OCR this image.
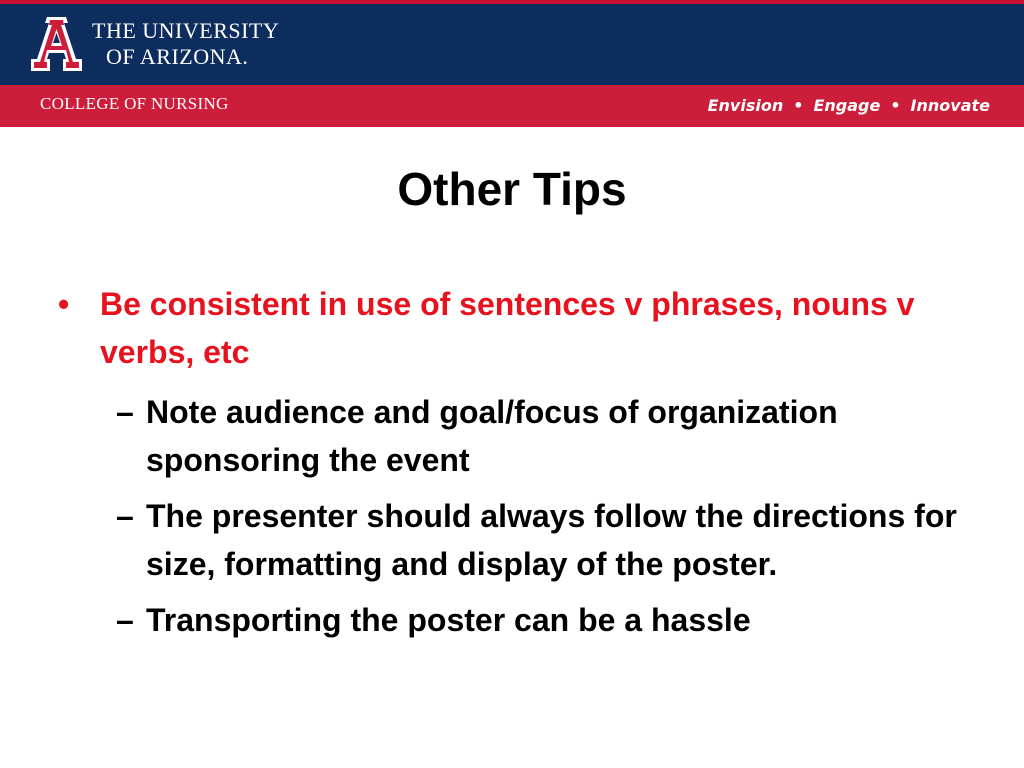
THE UNIVERSITY
OF ARIZONA.
COLLEGE OF NURSING	Envision • Engage • Innovate
Other Tips
• Be consistent in use of sentences v phrases, nouns v verbs, etc
– Note audience and goal/focus of organization sponsoring the event
– The presenter should always follow the directions for size, formatting and display of the poster.
– Transporting the poster can be a hassle
